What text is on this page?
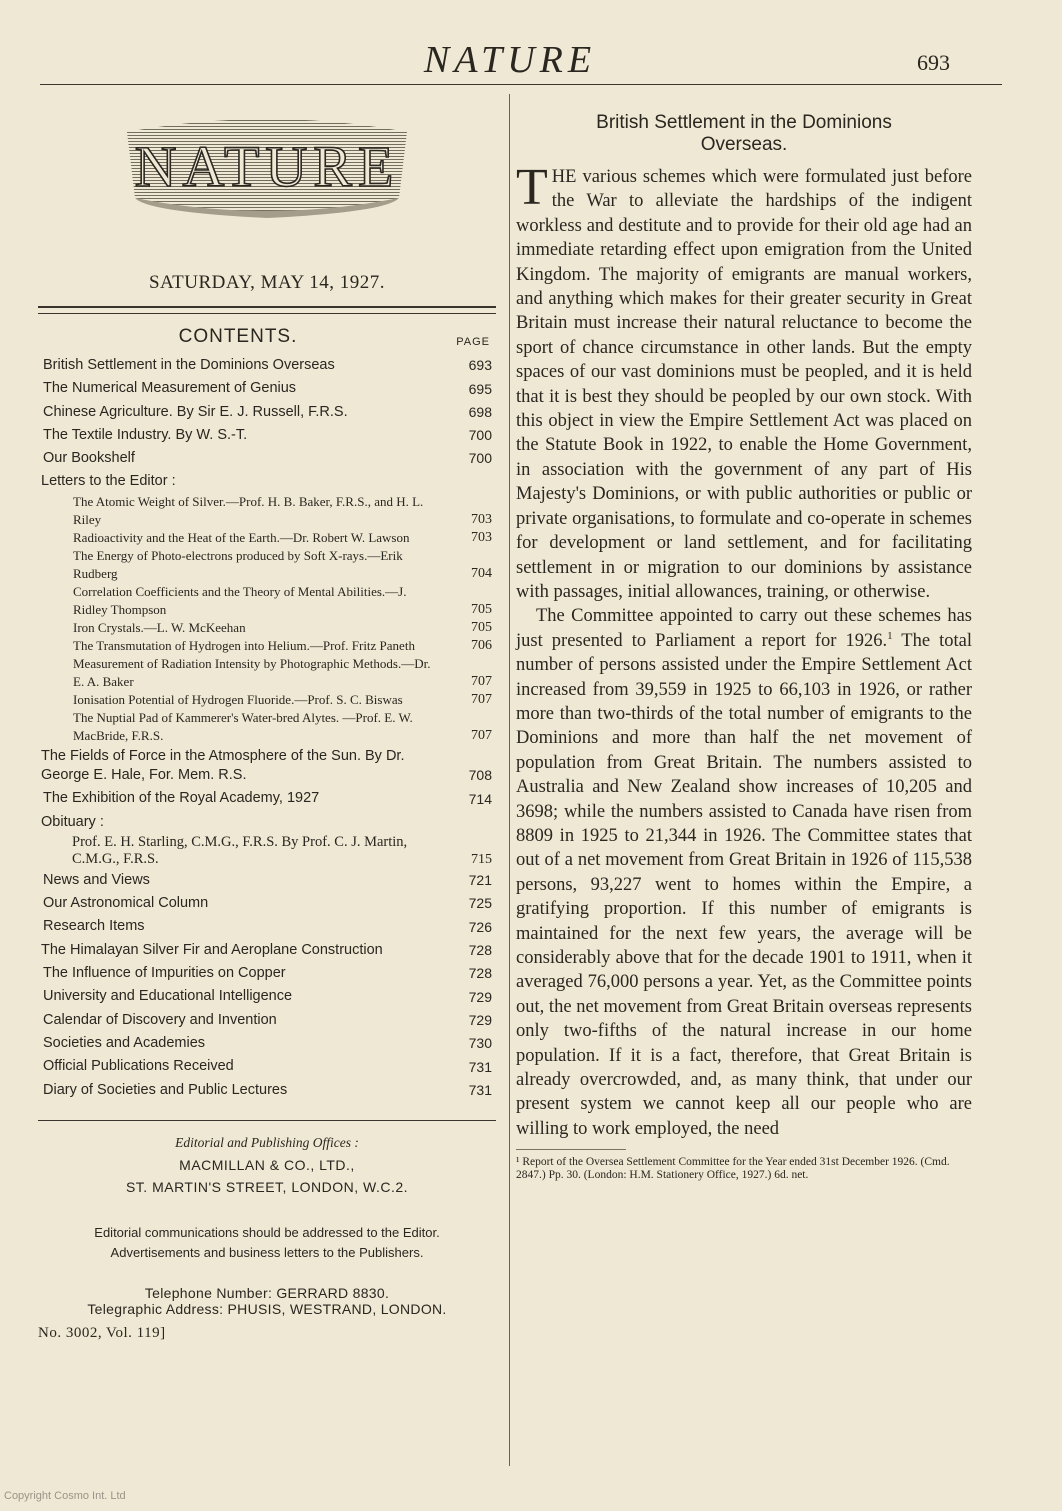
NATURE	693
NATURE
SATURDAY, MAY 14, 1927.
CONTENTS.	PAGE
British Settlement in the Dominions Overseas	693
The Numerical Measurement of Genius	695
Chinese Agriculture. By Sir E. J. Russell, F.R.S.	698
The Textile Industry. By W. S.-T.	700
Our Bookshelf	700
Letters to the Editor :
The Atomic Weight of Silver.—Prof. H. B. Baker, F.R.S., and H. L. Riley	703
Radioactivity and the Heat of the Earth.—Dr. Robert W. Lawson	703
The Energy of Photo-electrons produced by Soft X-rays.—Erik Rudberg	704
Correlation Coefficients and the Theory of Mental Abilities.—J. Ridley Thompson	705
Iron Crystals.—L. W. McKeehan	705
The Transmutation of Hydrogen into Helium.—Prof. Fritz Paneth	706
Measurement of Radiation Intensity by Photographic Methods.—Dr. E. A. Baker	707
Ionisation Potential of Hydrogen Fluoride.—Prof. S. C. Biswas	707
The Nuptial Pad of Kammerer's Water-bred Alytes. —Prof. E. W. MacBride, F.R.S.	707
The Fields of Force in the Atmosphere of the Sun. By Dr. George E. Hale, For. Mem. R.S.	708
The Exhibition of the Royal Academy, 1927	714
Obituary :
Prof. E. H. Starling, C.M.G., F.R.S. By Prof. C. J. Martin, C.M.G., F.R.S.	715
News and Views	721
Our Astronomical Column	725
Research Items	726
The Himalayan Silver Fir and Aeroplane Construction	728
The Influence of Impurities on Copper	728
University and Educational Intelligence	729
Calendar of Discovery and Invention	729
Societies and Academies	730
Official Publications Received	731
Diary of Societies and Public Lectures	731
Editorial and Publishing Offices :
MACMILLAN & CO., LTD.,
ST. MARTIN'S STREET, LONDON, W.C.2.
Editorial communications should be addressed to the Editor.
Advertisements and business letters to the Publishers.
Telephone Number: GERRARD 8830.
Telegraphic Address: PHUSIS, WESTRAND, LONDON.
No. 3002, Vol. 119]
British Settlement in the Dominions
Overseas.

THE various schemes which were formulated just before the War to alleviate the hardships of the indigent workless and destitute and to provide for their old age had an immediate retarding effect upon emigration from the United Kingdom. The majority of emigrants are manual workers, and anything which makes for their greater security in Great Britain must increase their natural reluctance to become the sport of chance circumstance in other lands. But the empty spaces of our vast dominions must be peopled, and it is held that it is best they should be peopled by our own stock. With this object in view the Empire Settlement Act was placed on the Statute Book in 1922, to enable the Home Government, in association with the government of any part of His Majesty's Dominions, or with public authorities or public or private organisations, to formulate and co-operate in schemes for development or land settlement, and for facilitating settlement in or migration to our dominions by assistance with passages, initial allowances, training, or otherwise.

The Committee appointed to carry out these schemes has just presented to Parliament a report for 1926.$^1$ The total number of persons assisted under the Empire Settlement Act increased from 39,559 in 1925 to 66,103 in 1926, or rather more than two-thirds of the total number of emigrants to the Dominions and more than half the net movement of population from Great Britain. The numbers assisted to Australia and New Zealand show increases of 10,205 and 3698; while the numbers assisted to Canada have risen from 8809 in 1925 to 21,344 in 1926. The Committee states that out of a net movement from Great Britain in 1926 of 115,538 persons, 93,227 went to homes within the Empire, a gratifying proportion. If this number of emigrants is maintained for the next few years, the average will be considerably above that for the decade 1901 to 1911, when it averaged 76,000 persons a year. Yet, as the Committee points out, the net movement from Great Britain overseas represents only two-fifths of the natural increase in our home population. If it is a fact, therefore, that Great Britain is already overcrowded, and, as many think, that under our present system we cannot keep all our people who are willing to work employed, the need

¹ Report of the Oversea Settlement Committee for the Year ended 31st December 1926. (Cmd. 2847.) Pp. 30. (London: H.M. Stationery Office, 1927.) 6d. net.
Copyright Cosmo Int. Ltd
